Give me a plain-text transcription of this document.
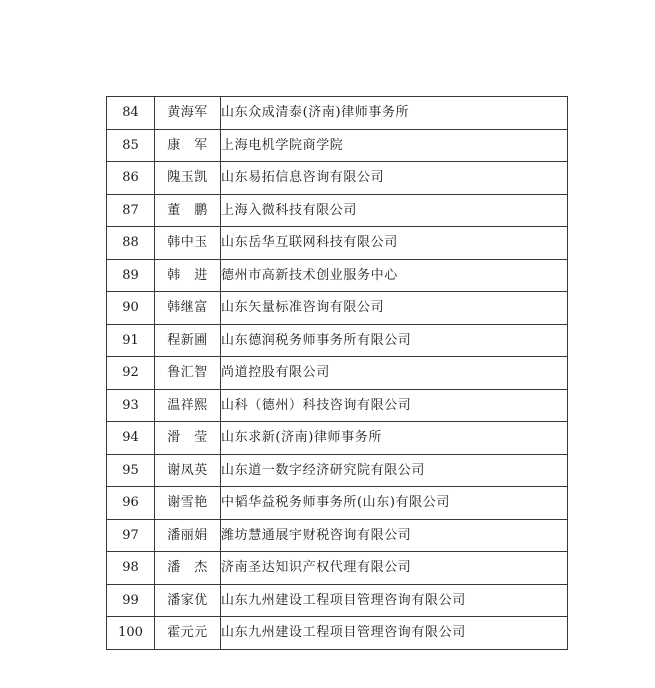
84	黄海军	山东众成清泰(济南)律师事务所
85	康　军	上海电机学院商学院
86	隗玉凯	山东易拓信息咨询有限公司
87	董　鹏	上海入微科技有限公司
88	韩中玉	山东岳华互联网科技有限公司
89	韩　进	德州市高新技术创业服务中心
90	韩继富	山东矢量标准咨询有限公司
91	程新圃	山东德润税务师事务所有限公司
92	鲁汇智	尚道控股有限公司
93	温祥熙	山科（德州）科技咨询有限公司
94	滑　莹	山东求新(济南)律师事务所
95	谢凤英	山东道一数字经济研究院有限公司
96	谢雪艳	中韬华益税务师事务所(山东)有限公司
97	潘丽娟	潍坊慧通展宇财税咨询有限公司
98	潘　杰	济南圣达知识产权代理有限公司
99	潘家优	山东九州建设工程项目管理咨询有限公司
100	霍元元	山东九州建设工程项目管理咨询有限公司
